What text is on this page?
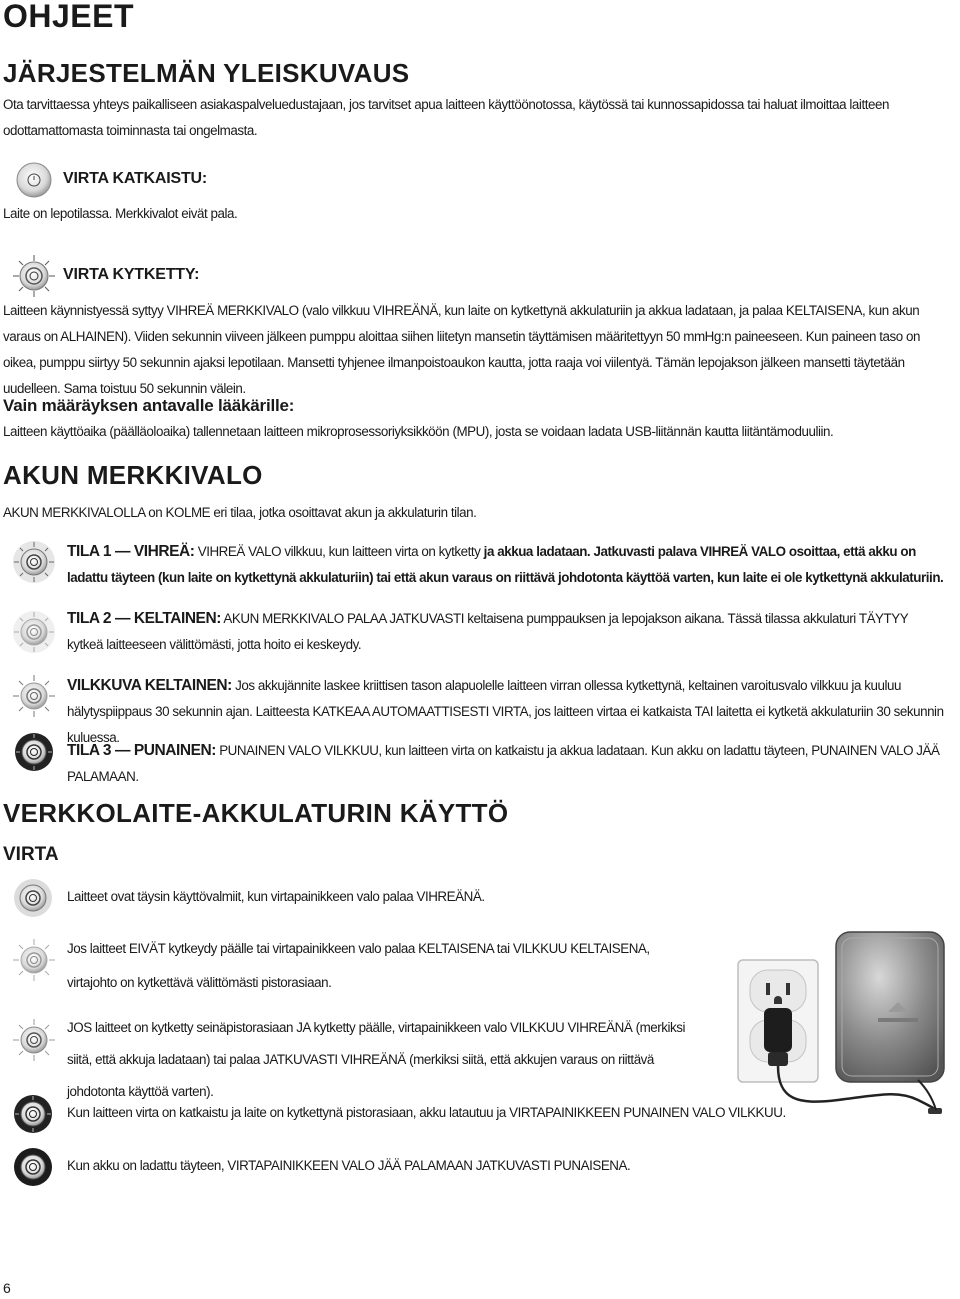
OHJEET
JÄRJESTELMÄN YLEISKUVAUS
Ota tarvittaessa yhteys paikalliseen asiakaspalveluedustajaan, jos tarvitset apua laitteen käyttöönotossa, käytössä tai kunnossapidossa tai haluat ilmoittaa laitteen odottamattomasta toiminnasta tai ongelmasta.
VIRTA KATKAISTU:
Laite on lepotilassa. Merkkivalot eivät pala.
VIRTA KYTKETTY:
Laitteen käynnistyessä syttyy VIHREÄ MERKKIVALO (valo vilkkuu VIHREÄNÄ, kun laite on kytkettynä akkulaturiin ja akkua ladataan, ja palaa KELTAISENA, kun akun varaus on ALHAINEN). Viiden sekunnin viiveen jälkeen pumppu aloittaa siihen liitetyn mansetin täyttämisen määritettyyn 50 mmHg:n paineeseen. Kun paineen taso on oikea, pumppu siirtyy 50 sekunnin ajaksi lepotilaan. Mansetti tyhjenee ilmanpoistoaukon kautta, jotta raaja voi viilentyä. Tämän lepojakson jälkeen mansetti täytetään uudelleen. Sama toistuu 50 sekunnin välein.
Vain määräyksen antavalle lääkärille:
Laitteen käyttöaika (päälläoloaika) tallennetaan laitteen mikroprosessoriyksikköön (MPU), josta se voidaan ladata USB-liitännän kautta liitäntämoduuliin.
AKUN MERKKIVALO
AKUN MERKKIVALOLLA on KOLME eri tilaa, jotka osoittavat akun ja akkulaturin tilan.
TILA 1 — VIHREÄ: VIHREÄ VALO vilkkuu, kun laitteen virta on kytketty ja akkua ladataan. Jatkuvasti palava VIHREÄ VALO osoittaa, että akku on ladattu täyteen (kun laite on kytkettynä akkulaturiin) tai että akun varaus on riittävä johdotonta käyttöä varten, kun laite ei ole kytkettynä akkulaturiin.
TILA 2 — KELTAINEN: AKUN MERKKIVALO PALAA JATKUVASTI keltaisena pumppauksen ja lepojakson aikana. Tässä tilassa akkulaturi TÄYTYY kytkeä laitteeseen välittömästi, jotta hoito ei keskeydy.
VILKKUVA KELTAINEN: Jos akkujännite laskee kriittisen tason alapuolelle laitteen virran ollessa kytkettynä, keltainen varoitusvalo vilkkuu ja kuuluu hälytyspiippaus 30 sekunnin ajan. Laitteesta KATKEAA AUTOMAATTISESTI VIRTA, jos laitteen virtaa ei katkaista TAI laitetta ei kytketä akkulaturiin 30 sekunnin kuluessa.
TILA 3 — PUNAINEN: PUNAINEN VALO VILKKUU, kun laitteen virta on katkaistu ja akkua ladataan. Kun akku on ladattu täyteen, PUNAINEN VALO JÄÄ PALAMAAN.
VERKKOLAITE-AKKULATURIN KÄYTTÖ
VIRTA
Laitteet ovat täysin käyttövalmiit, kun virtapainikkeen valo palaa VIHREÄNÄ.
Jos laitteet EIVÄT kytkeydy päälle tai virtapainikkeen valo palaa KELTAISENA tai VILKKUU KELTAISENA, virtajohto on kytkettävä välittömästi pistorasiaan.
JOS laitteet on kytketty seinäpistorasiaan JA kytketty päälle, virtapainikkeen valo VILKKUU VIHREÄNÄ (merkiksi siitä, että akkuja ladataan) tai palaa JATKUVASTI VIHREÄNÄ (merkiksi siitä, että akkujen varaus on riittävä johdotonta käyttöä varten).
Kun laitteen virta on katkaistu ja laite on kytkettynä pistorasiaan, akku latautuu ja VIRTAPAINIKKEEN PUNAINEN VALO VILKKUU.
Kun akku on ladattu täyteen, VIRTAPAINIKKEEN VALO JÄÄ PALAMAAN JATKUVASTI PUNAISENA.
6
